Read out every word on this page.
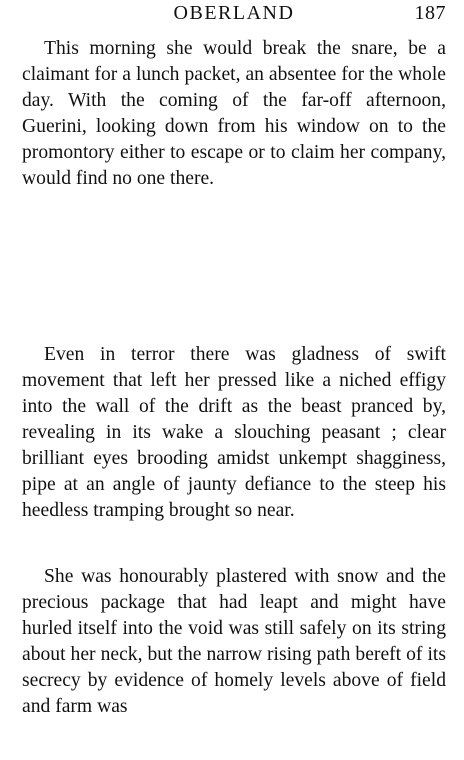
OBERLAND	187

This morning she would break the snare, be a claimant for a lunch packet, an absentee for the whole day. With the coming of the far-off afternoon, Guerini, looking down from his window on to the promontory either to escape or to claim her company, would find no one there.

Even in terror there was gladness of swift movement that left her pressed like a niched effigy into the wall of the drift as the beast pranced by, revealing in its wake a slouching peasant ; clear brilliant eyes brooding amidst unkempt shagginess, pipe at an angle of jaunty defiance to the steep his heedless tramping brought so near.

She was honourably plastered with snow and the precious package that had leapt and might have hurled itself into the void was still safely on its string about her neck, but the narrow rising path bereft of its secrecy by evidence of homely levels above of field and farm was
